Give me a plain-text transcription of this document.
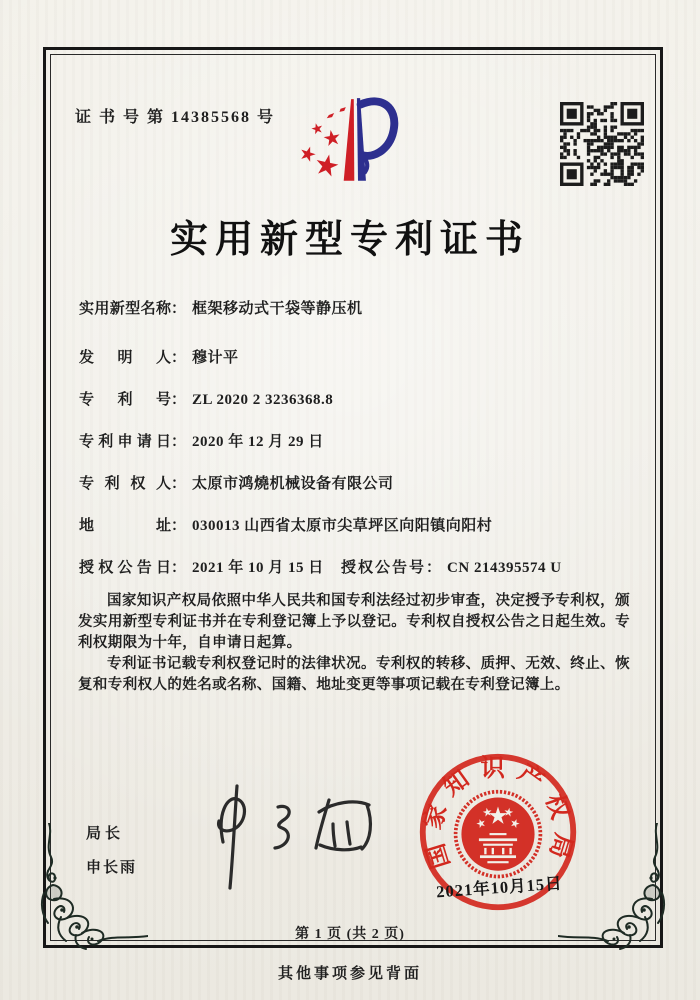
证 书 号 第 14385568 号
实用新型专利证书
实用新型名称： 框架移动式干袋等静压机
发明人： 穆计平
专利号： ZL 2020 2 3236368.8
专利申请日： 2020 年 12 月 29 日
专利权人： 太原市鸿燒机械设备有限公司
地址： 030013 山西省太原市尖草坪区向阳镇向阳村
授权公告日： 2021 年 10 月 15 日 授权公告号： CN 214395574 U

国家知识产权局依照中华人民共和国专利法经过初步审查，决定授予专利权，颁发实用新型专利证书并在专利登记簿上予以登记。专利权自授权公告之日起生效。专利权期限为十年，自申请日起算。

专利证书记载专利权登记时的法律状况。专利权的转移、质押、无效、终止、恢复和专利权人的姓名或名称、国籍、地址变更等事项记载在专利登记簿上。

局长
申长雨	国家知识产权局
2021年10月15日
第 1 页 (共 2 页)
其他事项参见背面
